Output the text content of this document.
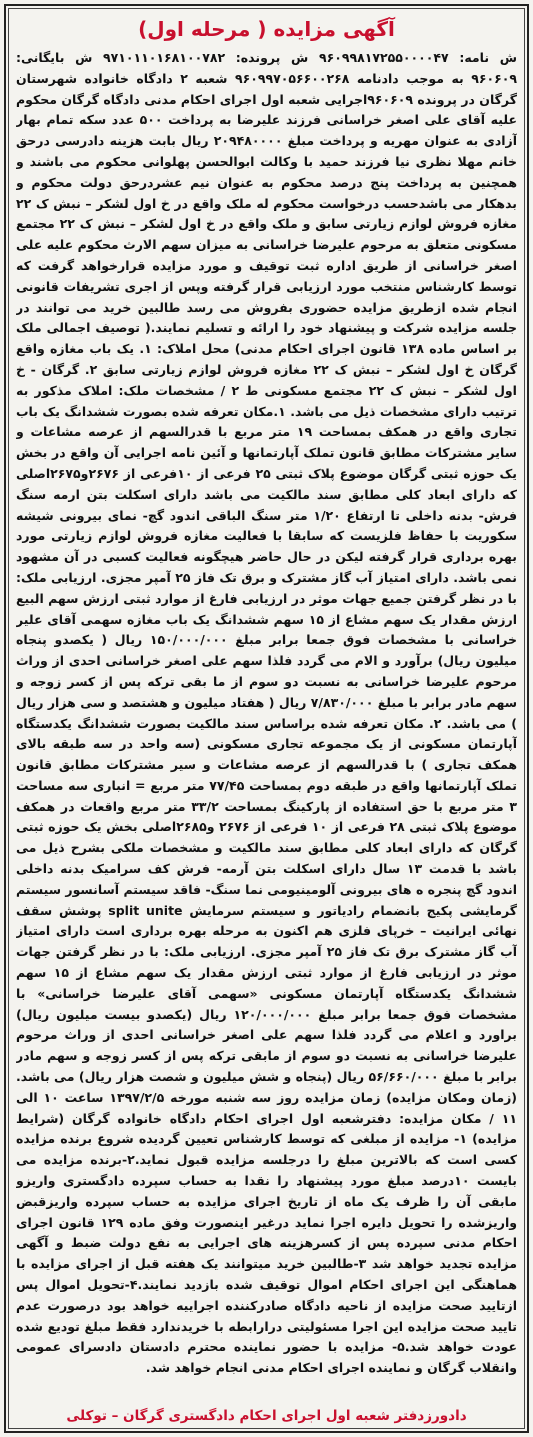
آگهی مزایده ( مرحله اول)

ش نامه: ۹۶۰۹۹۸۱۷۲۵۵۰۰۰۰۴۷ ش پرونده: ۹۷۱۰۱۱۰۱۶۸۱۰۰۷۸۲ ش بایگانی: ۹۶۰۶۰۹ به موجب دادنامه ۹۶۰۹۹۷۰۵۶۶۰۰۲۶۸ شعبه ۲ دادگاه خانواده شهرستان گرگان در پرونده ۹۶۰۶۰۹اجرایی شعبه اول اجرای احکام مدنی دادگاه گرگان محکوم علیه آقای علی اصغر خراسانی فرزند علیرضا به پرداخت ۵۰۰ عدد سکه تمام بهار آزادی به عنوان مهریه و پرداخت مبلغ ۲۰۹۴۸۰۰۰۰ ریال بابت هزینه دادرسی درحق خانم مهلا نظری نیا فرزند حمید با وکالت ابوالحسن پهلوانی محکوم می باشند و همچنین به پرداخت پنج درصد محکوم به عنوان نیم عشردرحق دولت محکوم و بدهکار می باشدحسب درخواست محکوم له ملک واقع در خ اول لشکر – نبش ک ۲۲ مغازه فروش لوازم زیارتی سابق و ملک واقع در خ اول لشکر – نبش ک ۲۲ مجتمع مسکونی متعلق به مرحوم علیرضا خراسانی به میزان سهم الارث محکوم علیه علی اصغر خراسانی از طریق اداره ثبت توقیف و مورد مزایده قرارخواهد گرفت که توسط کارشناس منتخب مورد ارزیابی قرار گرفته وپس از اجری تشریفات قانونی انجام شده ازطریق مزایده حضوری بفروش می رسد طالبین خرید می توانند در جلسه مزایده شرکت و پیشنهاد خود را ارائه و تسلیم نمایند.( توصیف اجمالی ملک بر اساس ماده ۱۳۸ قانون اجرای احکام مدنی) محل املاک: ۱. یک باب مغازه واقع گرگان خ اول لشکر – نبش ک ۲۲ مغازه فروش لوازم زیارتی سابق ۲. گرگان - خ اول لشکر – نبش ک ۲۲ مجتمع مسکونی ط ۲ / مشخصات ملک: املاک مذکور به ترتیب دارای مشخصات ذیل می باشد. ۱.مکان تعرفه شده بصورت ششدانگ یک باب تجاری واقع در همکف بمساحت ۱۹ متر مربع با قدرالسهم از عرصه مشاعات و سایر مشترکات مطابق قانون تملک آپارتمانها و آئین نامه اجرایی آن واقع در بخش یک حوزه ثبتی گرگان موضوع پلاک ثبتی ۲۵ فرعی از ۱۰فرعی از ۲۶۷۶و۲۶۷۵اصلی که دارای ابعاد کلی مطابق سند مالکیت می باشد دارای اسکلت بتن ارمه سنگ فرش- بدنه داخلی تا ارتفاع ۱/۲۰ متر سنگ الباقی اندود گچ- نمای بیرونی شیشه سکوریت با حفاظ فلزیست که سابقا با فعالیت مغازه فروش لوازم زیارتی مورد بهره برداری قرار گرفته لیکن در حال حاضر هیچگونه فعالیت کسبی در آن مشهود نمی باشد. دارای امتیاز آب گاز مشترک و برق تک فاز ۲۵ آمپر مجزی. ارزیابی ملک: با در نظر گرفتن جمیع جهات موثر در ارزیابی فارغ از موارد ثبتی ارزش سهم البیع ارزش مقدار یک سهم مشاع از ۱۵ سهم ششدانگ یک باب مغازه سهمی آقای علیر خراسانی با مشخصات فوق جمعا برابر مبلغ ۱۵۰/۰۰۰/۰۰۰ ریال ( یکصدو پنجاه میلیون ریال) برآورد و الام می گردد فلذا سهم علی اصغر خراسانی احدی از وراث مرحوم علیرضا خراسانی به نسبت دو سوم از ما بقی ترکه پس از کسر زوجه و سهم مادر برابر با مبلغ ۷/۸۳۰/۰۰۰ ریال ( هفتاد میلیون و هشتصد و سی هزار ریال ) می باشد. ۲. مکان تعرفه شده براساس سند مالکیت بصورت ششدانگ یکدستگاه آپارتمان مسکونی از یک مجموعه تجاری مسکونی (سه واحد در سه طبقه بالای همکف تجاری ) با قدرالسهم از عرصه مشاعات و سیر مشترکات مطابق قانون تملک آپارتمانها واقع در طبقه دوم بمساحت ۷۷/۴۵ متر مربع = انباری سه مساحت ۳ متر مربع با حق استفاده از پارکینگ بمساحت ۳۳/۲ متر مربع واقعات در همکف موضوع پلاک ثبتی ۲۸ فرعی از ۱۰ فرعی از ۲۶۷۶ و۲۶۸۵اصلی بخش یک حوزه ثبتی گرگان که دارای ابعاد کلی مطابق سند مالکیت و مشخصات ملکی بشرح ذیل می باشد با قدمت ۱۳ سال دارای اسکلت بتن آرمه- فرش کف سرامیک بدنه داخلی اندود گچ پنجره ه های بیرونی آلومینیومی نما سنگ- فاقد سیستم آسانسور سیستم گرمایشی پکیج بانضمام رادیاتور و سیستم سرمایش split unite پوشش سقف نهائی ایرانیت – خرپای فلزی هم اکنون به مرحله بهره برداری است دارای امتیاز آب گاز مشترک برق تک فاز ۲۵ آمپر مجزی. ارزیابی ملک: با در نظر گرفتن جهات موثر در ارزیابی فارغ از موارد ثبتی ارزش مقدار یک سهم مشاع از ۱۵ سهم ششدانگ یکدستگاه آپارتمان مسکونی «سهمی آقای علیرضا خراسانی» با مشخصات فوق جمعا برابر مبلغ ۱۲۰/۰۰۰/۰۰۰ ریال (یکصدو بیست میلیون ریال) براورد و اعلام می گردد فلذا سهم علی اصغر خراسانی احدی از وراث مرحوم علیرضا خراسانی به نسبت دو سوم از مابقی ترکه پس از کسر زوجه و سهم مادر برابر با مبلغ ۵۶/۶۶۰/۰۰۰ ریال (پنجاه و شش میلیون و شصت هزار ریال) می باشد.(زمان ومکان مزایده) زمان مزایده روز سه شنبه مورخه ۱۳۹۷/۲/۵ ساعت ۱۰ الی ۱۱ / مکان مزایده: دفترشعبه اول اجرای احکام دادگاه خانواده گرگان (شرایط مزایده) ۱- مزایده از مبلغی که توسط کارشناس تعیین گردیده شروع برنده مزایده کسی است که بالاترین مبلغ را درجلسه مزایده قبول نماید.۲-برنده مزایده می بایست ۱۰درصد مبلغ مورد پیشنهاد را نقدا به حساب سپرده دادگستری واریزو مابقی آن را ظرف یک ماه از تاریخ اجرای مزایده به حساب سپرده واریزقبض واریزشده را تحویل دایره اجرا نماید درغیر اینصورت وفق ماده ۱۲۹ قانون اجرای احکام مدنی سپرده پس از کسرهزینه های اجرایی به نفع دولت ضبط و آگهی مزایده تجدید خواهد شد ۳-طالبین خرید میتوانند یک هفته قبل از اجرای مزایده با هماهنگی این اجرای احکام اموال توقیف شده بازدید نمایند.۴-تحویل اموال پس ازتایید صحت مزایده از ناحیه دادگاه صادرکننده اجراییه خواهد بود درصورت عدم تایید صحت مزایده این اجرا مسئولیتی درارابطه با خریدندارد فقط مبلغ تودیع شده عودت خواهد شد.۵- مزایده با حضور نماینده محترم دادستان دادسرای عمومی وانقلاب گرگان و نماینده اجرای احکام مدنی انجام خواهد شد.

دادورزدفتر شعبه اول اجرای احکام دادگستری گرگان – توکلی
